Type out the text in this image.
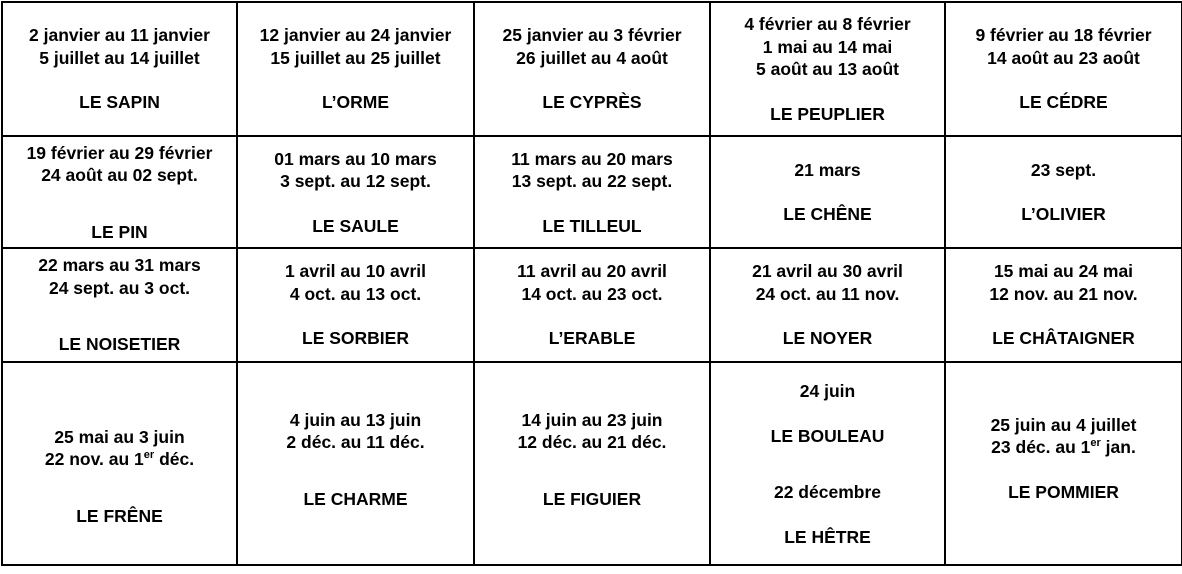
2 janvier au 11 janvier
5 juillet au 14 juillet
LE SAPIN	12 janvier au 24 janvier
15 juillet au 25 juillet
L’ORME	25 janvier au 3 février
26 juillet au 4 août
LE CYPRÈS	4 février au 8 février
1 mai au 14 mai
5 août au 13 août
LE PEUPLIER	9 février au 18 février
14 août au 23 août
LE CÉDRE

19 février au 29 février
24 août au 02 sept.
LE PIN	01 mars au 10 mars
3 sept. au 12 sept.
LE SAULE	11 mars au 20 mars
13 sept. au 22 sept.
LE TILLEUL	21 mars
LE CHÊNE	23 sept.
L’OLIVIER

22 mars au 31 mars
24 sept. au 3 oct.
LE NOISETIER	1 avril au 10 avril
4 oct. au 13 oct.
LE SORBIER	11 avril au 20 avril
14 oct. au 23 oct.
L’ERABLE	21 avril au 30 avril
24 oct. au 11 nov.
LE NOYER	15 mai au 24 mai
12 nov. au 21 nov.
LE CHÂTAIGNER

25 mai au 3 juin
22 nov. au 1er déc.
LE FRÊNE	4 juin au 13 juin
2 déc. au 11 déc.
LE CHARME	14 juin au 23 juin
12 déc. au 21 déc.
LE FIGUIER	24 juin
LE BOULEAU
22 décembre
LE HÊTRE	25 juin au 4 juillet
23 déc. au 1er jan.
LE POMMIER
